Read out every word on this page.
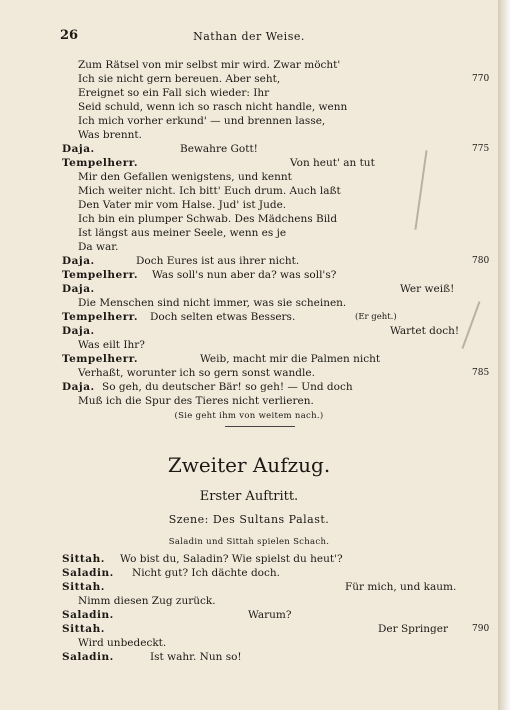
26	Nathan der Weise.
Zum Rätsel von mir selbst mir wird. Zwar möcht'
Ich sie nicht gern bereuen. Aber seht,
Ereignet so ein Fall sich wieder: Ihr
Seid schuld, wenn ich so rasch nicht handle, wenn
Ich mich vorher erkund' — und brennen lasse,
Was brennt.
Daja.	Bewahre Gott!
Tempelherr.	Von heut' an tut
Mir den Gefallen wenigstens, und kennt
Mich weiter nicht. Ich bitt' Euch drum. Auch laßt
Den Vater mir vom Halse. Jud' ist Jude.
Ich bin ein plumper Schwab. Des Mädchens Bild
Ist längst aus meiner Seele, wenn es je
Da war.
Daja.	Doch Eures ist aus ihrer nicht.
Tempelherr. Was soll's nun aber da? was soll's?
Daja.	Wer weiß!
Die Menschen sind nicht immer, was sie scheinen.
Tempelherr. Doch selten etwas Bessers.	(Er geht.)
Daja.	Wartet doch!
Was eilt Ihr?
Tempelherr.	Weib, macht mir die Palmen nicht
Verhaßt, worunter ich so gern sonst wandle.
Daja. So geh, du deutscher Bär! so geh! — Und doch
Muß ich die Spur des Tieres nicht verlieren.
(Sie geht ihm von weitem nach.)
Zweiter Aufzug.
Erster Auftritt.
Szene: Des Sultans Palast.
Saladin und Sittah spielen Schach.
Sittah. Wo bist du, Saladin? Wie spielst du heut'?
Saladin. Nicht gut? Ich dächte doch.
Sittah.	Für mich, und kaum.
Nimm diesen Zug zurück.
Saladin.	Warum?
Sittah.	Der Springer
Wird unbedeckt.
Saladin.	Ist wahr. Nun so!
770
775
780
785
790
